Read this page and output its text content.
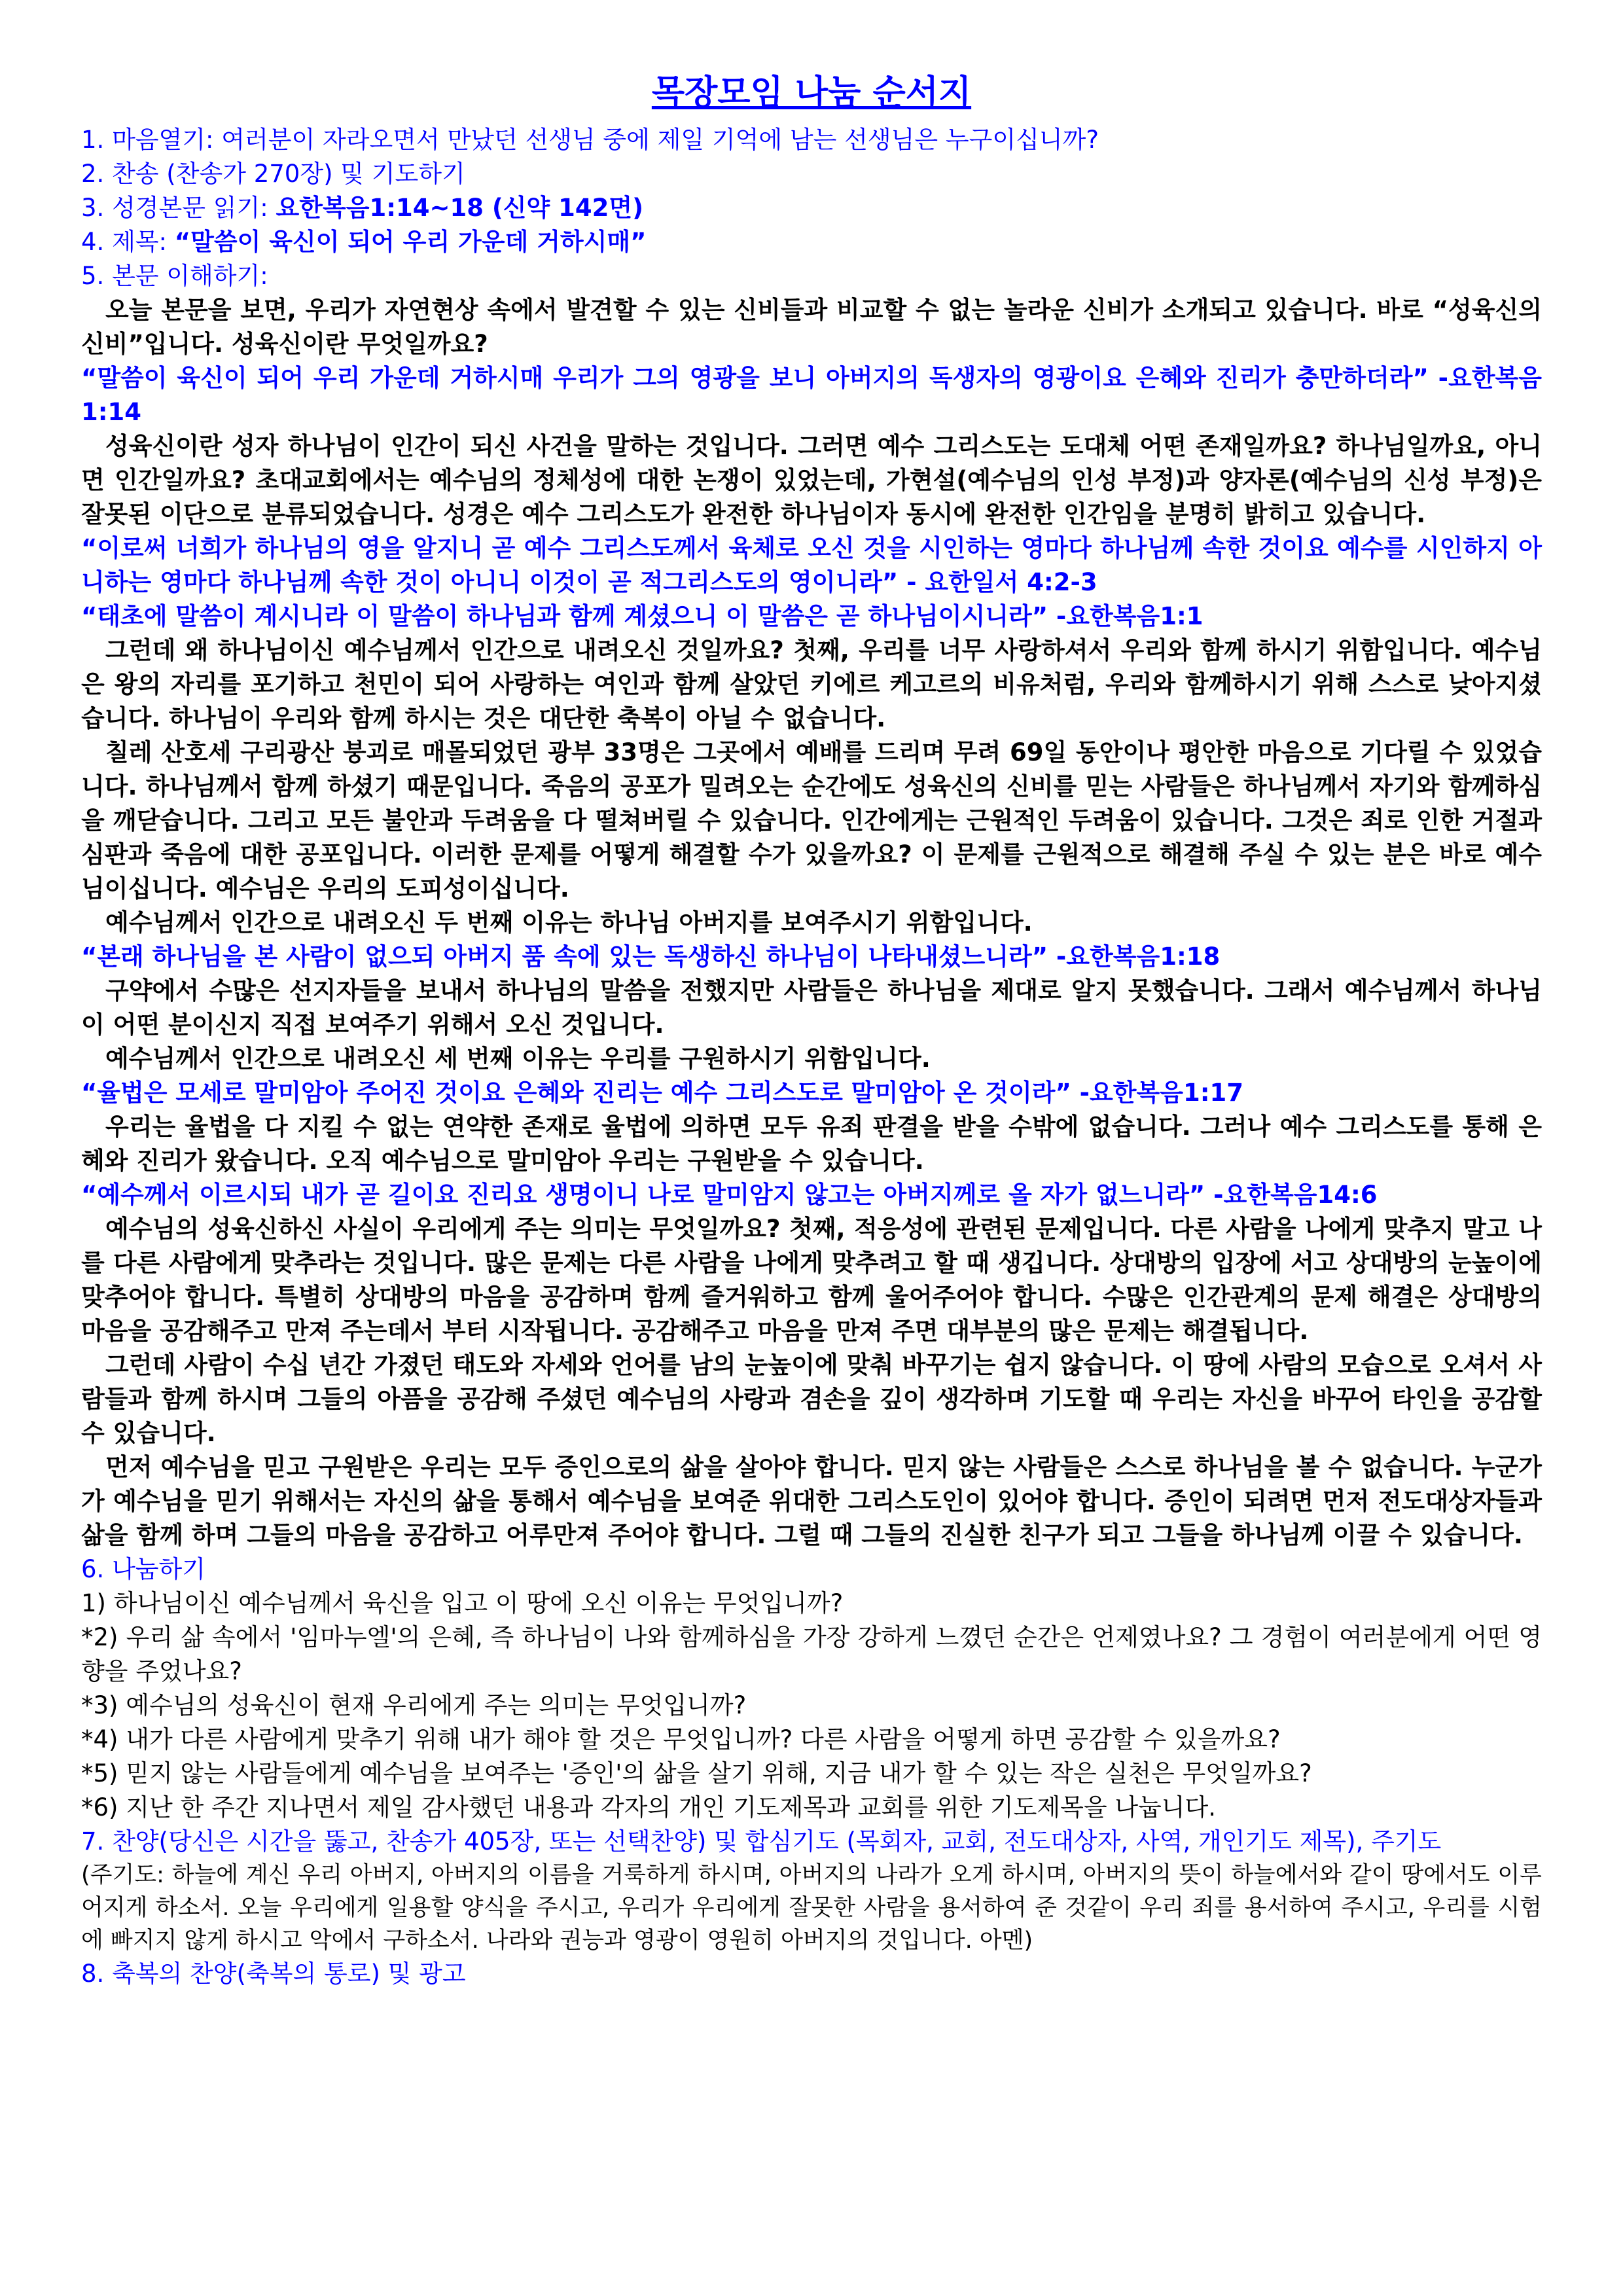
목장모임 나눔 순서지

1. 마음열기: 여러분이 자라오면서 만났던 선생님 중에 제일 기억에 남는 선생님은 누구이십니까?

2. 찬송 (찬송가 270장) 및 기도하기

3. 성경본문 읽기: 요한복음1:14~18 (신약 142면)

4. 제목: “말씀이 육신이 되어 우리 가운데 거하시매”

5. 본문 이해하기:

오늘 본문을 보면, 우리가 자연현상 속에서 발견할 수 있는 신비들과 비교할 수 없는 놀라운 신비가 소개되고 있습니다. 바로 “성육신의 신비”입니다. 성육신이란 무엇일까요?

“말씀이 육신이 되어 우리 가운데 거하시매 우리가 그의 영광을 보니 아버지의 독생자의 영광이요 은혜와 진리가 충만하더라” -요한복음1:14

성육신이란 성자 하나님이 인간이 되신 사건을 말하는 것입니다. 그러면 예수 그리스도는 도대체 어떤 존재일까요? 하나님일까요, 아니면 인간일까요? 초대교회에서는 예수님의 정체성에 대한 논쟁이 있었는데, 가현설(예수님의 인성 부정)과 양자론(예수님의 신성 부정)은 잘못된 이단으로 분류되었습니다. 성경은 예수 그리스도가 완전한 하나님이자 동시에 완전한 인간임을 분명히 밝히고 있습니다.

“이로써 너희가 하나님의 영을 알지니 곧 예수 그리스도께서 육체로 오신 것을 시인하는 영마다 하나님께 속한 것이요 예수를 시인하지 아니하는 영마다 하나님께 속한 것이 아니니 이것이 곧 적그리스도의 영이니라” - 요한일서 4:2-3

“태초에 말씀이 계시니라 이 말씀이 하나님과 함께 계셨으니 이 말씀은 곧 하나님이시니라” -요한복음1:1

그런데 왜 하나님이신 예수님께서 인간으로 내려오신 것일까요? 첫째, 우리를 너무 사랑하셔서 우리와 함께 하시기 위함입니다. 예수님은 왕의 자리를 포기하고 천민이 되어 사랑하는 여인과 함께 살았던 키에르 케고르의 비유처럼, 우리와 함께하시기 위해 스스로 낮아지셨습니다. 하나님이 우리와 함께 하시는 것은 대단한 축복이 아닐 수 없습니다.

칠레 산호세 구리광산 붕괴로 매몰되었던 광부 33명은 그곳에서 예배를 드리며 무려 69일 동안이나 평안한 마음으로 기다릴 수 있었습니다. 하나님께서 함께 하셨기 때문입니다. 죽음의 공포가 밀려오는 순간에도 성육신의 신비를 믿는 사람들은 하나님께서 자기와 함께하심을 깨닫습니다. 그리고 모든 불안과 두려움을 다 떨쳐버릴 수 있습니다. 인간에게는 근원적인 두려움이 있습니다. 그것은 죄로 인한 거절과 심판과 죽음에 대한 공포입니다. 이러한 문제를 어떻게 해결할 수가 있을까요? 이 문제를 근원적으로 해결해 주실 수 있는 분은 바로 예수님이십니다. 예수님은 우리의 도피성이십니다.

예수님께서 인간으로 내려오신 두 번째 이유는 하나님 아버지를 보여주시기 위함입니다.

“본래 하나님을 본 사람이 없으되 아버지 품 속에 있는 독생하신 하나님이 나타내셨느니라” -요한복음1:18

구약에서 수많은 선지자들을 보내서 하나님의 말씀을 전했지만 사람들은 하나님을 제대로 알지 못했습니다. 그래서 예수님께서 하나님이 어떤 분이신지 직접 보여주기 위해서 오신 것입니다.

예수님께서 인간으로 내려오신 세 번째 이유는 우리를 구원하시기 위함입니다.

“율법은 모세로 말미암아 주어진 것이요 은혜와 진리는 예수 그리스도로 말미암아 온 것이라” -요한복음1:17

우리는 율법을 다 지킬 수 없는 연약한 존재로 율법에 의하면 모두 유죄 판결을 받을 수밖에 없습니다. 그러나 예수 그리스도를 통해 은혜와 진리가 왔습니다. 오직 예수님으로 말미암아 우리는 구원받을 수 있습니다.

“예수께서 이르시되 내가 곧 길이요 진리요 생명이니 나로 말미암지 않고는 아버지께로 올 자가 없느니라” -요한복음14:6

예수님의 성육신하신 사실이 우리에게 주는 의미는 무엇일까요? 첫째, 적응성에 관련된 문제입니다. 다른 사람을 나에게 맞추지 말고 나를 다른 사람에게 맞추라는 것입니다. 많은 문제는 다른 사람을 나에게 맞추려고 할 때 생깁니다. 상대방의 입장에 서고 상대방의 눈높이에 맞추어야 합니다. 특별히 상대방의 마음을 공감하며 함께 즐거워하고 함께 울어주어야 합니다. 수많은 인간관계의 문제 해결은 상대방의 마음을 공감해주고 만져 주는데서 부터 시작됩니다. 공감해주고 마음을 만져 주면 대부분의 많은 문제는 해결됩니다.

그런데 사람이 수십 년간 가졌던 태도와 자세와 언어를 남의 눈높이에 맞춰 바꾸기는 쉽지 않습니다. 이 땅에 사람의 모습으로 오셔서 사람들과 함께 하시며 그들의 아픔을 공감해 주셨던 예수님의 사랑과 겸손을 깊이 생각하며 기도할 때 우리는 자신을 바꾸어 타인을 공감할 수 있습니다.

먼저 예수님을 믿고 구원받은 우리는 모두 증인으로의 삶을 살아야 합니다. 믿지 않는 사람들은 스스로 하나님을 볼 수 없습니다. 누군가가 예수님을 믿기 위해서는 자신의 삶을 통해서 예수님을 보여준 위대한 그리스도인이 있어야 합니다. 증인이 되려면 먼저 전도대상자들과 삶을 함께 하며 그들의 마음을 공감하고 어루만져 주어야 합니다. 그럴 때 그들의 진실한 친구가 되고 그들을 하나님께 이끌 수 있습니다.

6. 나눔하기

1) 하나님이신 예수님께서 육신을 입고 이 땅에 오신 이유는 무엇입니까?

*2) 우리 삶 속에서 '임마누엘'의 은혜, 즉 하나님이 나와 함께하심을 가장 강하게 느꼈던 순간은 언제였나요? 그 경험이 여러분에게 어떤 영향을 주었나요?

*3) 예수님의 성육신이 현재 우리에게 주는 의미는 무엇입니까?

*4) 내가 다른 사람에게 맞추기 위해 내가 해야 할 것은 무엇입니까? 다른 사람을 어떻게 하면 공감할 수 있을까요?

*5) 믿지 않는 사람들에게 예수님을 보여주는 '증인'의 삶을 살기 위해, 지금 내가 할 수 있는 작은 실천은 무엇일까요?

*6) 지난 한 주간 지나면서 제일 감사했던 내용과 각자의 개인 기도제목과 교회를 위한 기도제목을 나눕니다.

7. 찬양(당신은 시간을 뚫고, 찬송가 405장, 또는 선택찬양) 및 합심기도 (목회자, 교회, 전도대상자, 사역, 개인기도 제목), 주기도

(주기도: 하늘에 계신 우리 아버지, 아버지의 이름을 거룩하게 하시며, 아버지의 나라가 오게 하시며, 아버지의 뜻이 하늘에서와 같이 땅에서도 이루어지게 하소서. 오늘 우리에게 일용할 양식을 주시고, 우리가 우리에게 잘못한 사람을 용서하여 준 것같이 우리 죄를 용서하여 주시고, 우리를 시험에 빠지지 않게 하시고 악에서 구하소서. 나라와 권능과 영광이 영원히 아버지의 것입니다. 아멘)

8. 축복의 찬양(축복의 통로) 및 광고
